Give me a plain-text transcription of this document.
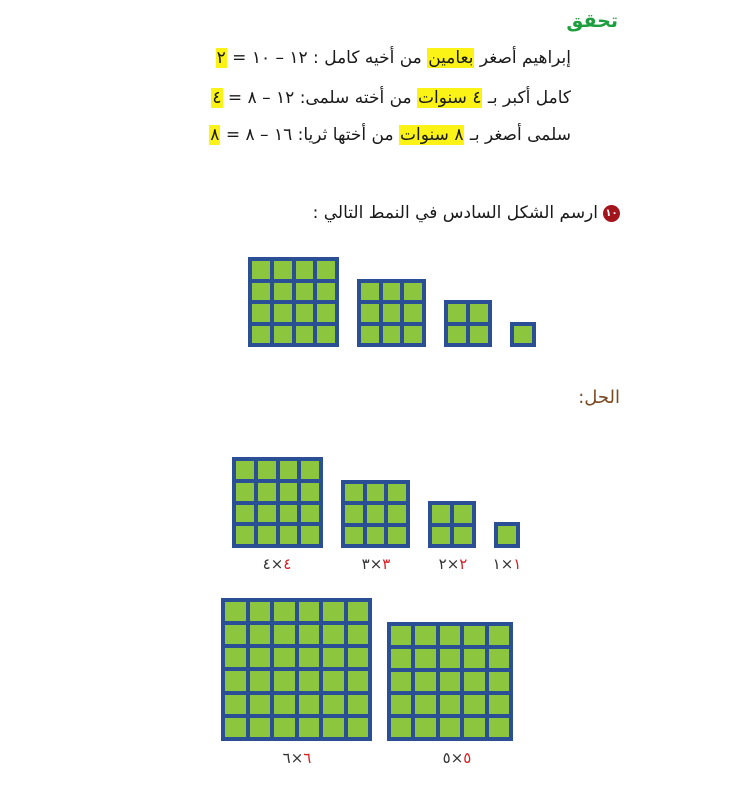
تحقق
إبراهيم أصغر بعامين من أخيه كامل : ١٢ – ١٠ = ٢
كامل أكبر بـ ٤ سنوات من أخته سلمى: ١٢ – ٨ = ٤
سلمى أصغر بـ ٨ سنوات من أختها ثريا: ١٦ – ٨ = ٨
١٠
ارسم الشكل السادس في النمط التالي :
الحل:
٤×٤	٣×٣	٢×٢	١×١
٦×٦	٥×٥
